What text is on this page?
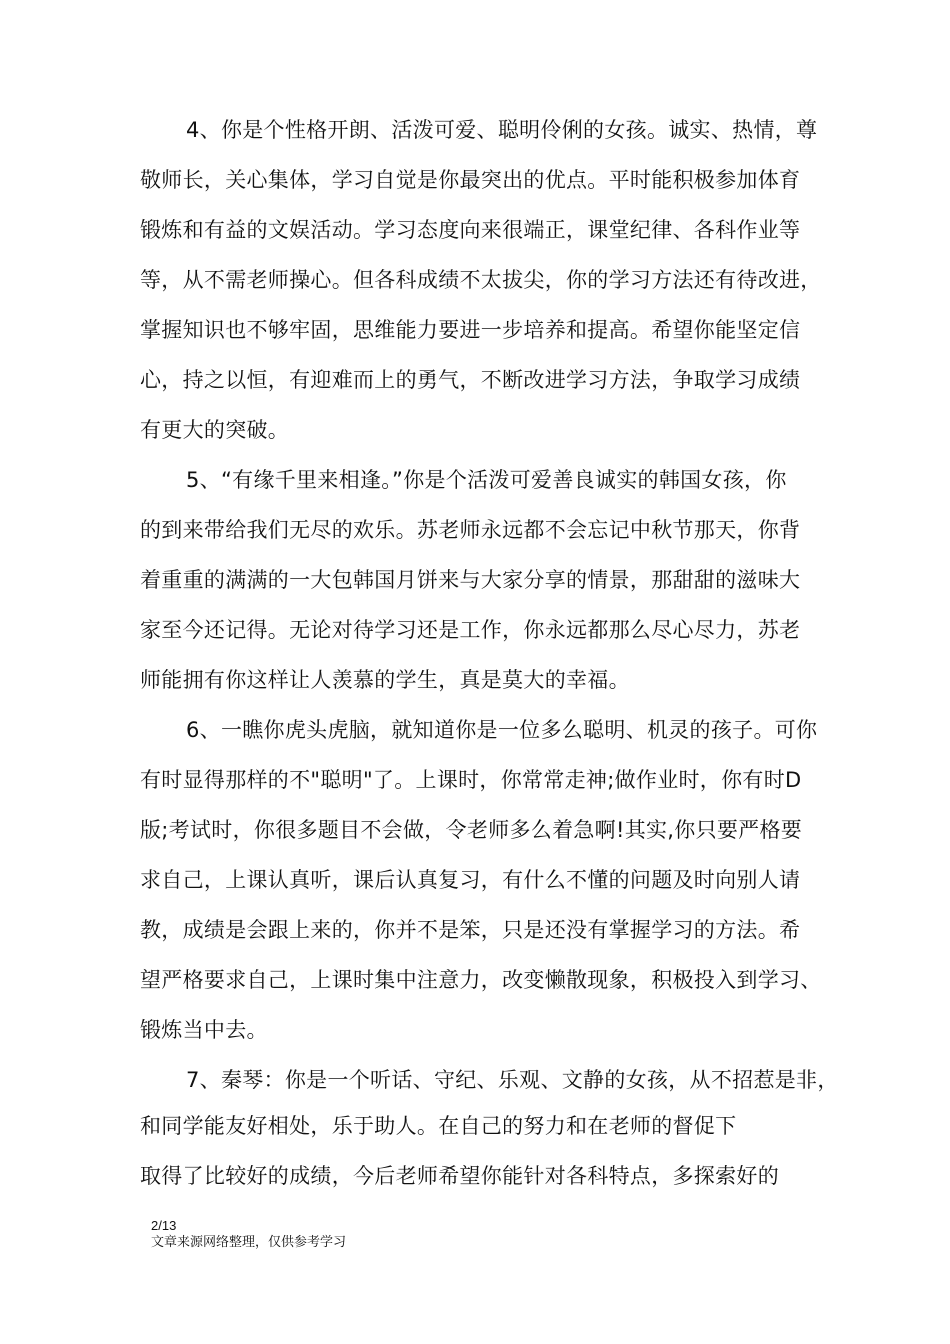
4、你是个性格开朗、活泼可爱、聪明伶俐的女孩。诚实、热情，尊
敬师长，关心集体，学习自觉是你最突出的优点。平时能积极参加体育
锻炼和有益的文娱活动。学习态度向来很端正，课堂纪律、各科作业等
等，从不需老师操心。但各科成绩不太拔尖，你的学习方法还有待改进，
掌握知识也不够牢固，思维能力要进一步培养和提高。希望你能坚定信
心，持之以恒，有迎难而上的勇气，不断改进学习方法，争取学习成绩
有更大的突破。
5、“有缘千里来相逢。”你是个活泼可爱善良诚实的韩国女孩，你
的到来带给我们无尽的欢乐。苏老师永远都不会忘记中秋节那天，你背
着重重的满满的一大包韩国月饼来与大家分享的情景，那甜甜的滋味大
家至今还记得。无论对待学习还是工作，你永远都那么尽心尽力，苏老
师能拥有你这样让人羡慕的学生，真是莫大的幸福。
6、一瞧你虎头虎脑，就知道你是一位多么聪明、机灵的孩子。可你
有时显得那样的不"聪明"了。上课时，你常常走神;做作业时，你有时D
版;考试时，你很多题目不会做，令老师多么着急啊!其实,你只要严格要
求自己，上课认真听，课后认真复习，有什么不懂的问题及时向别人请
教，成绩是会跟上来的，你并不是笨，只是还没有掌握学习的方法。希
望严格要求自己，上课时集中注意力，改变懒散现象，积极投入到学习、
锻炼当中去。
7、秦琴：你是一个听话、守纪、乐观、文静的女孩，从不招惹是非，
和同学能友好相处，乐于助人。在自己的努力和在老师的督促下
取得了比较好的成绩，今后老师希望你能针对各科特点，多探索好的
2/13
文章来源网络整理，仅供参考学习
